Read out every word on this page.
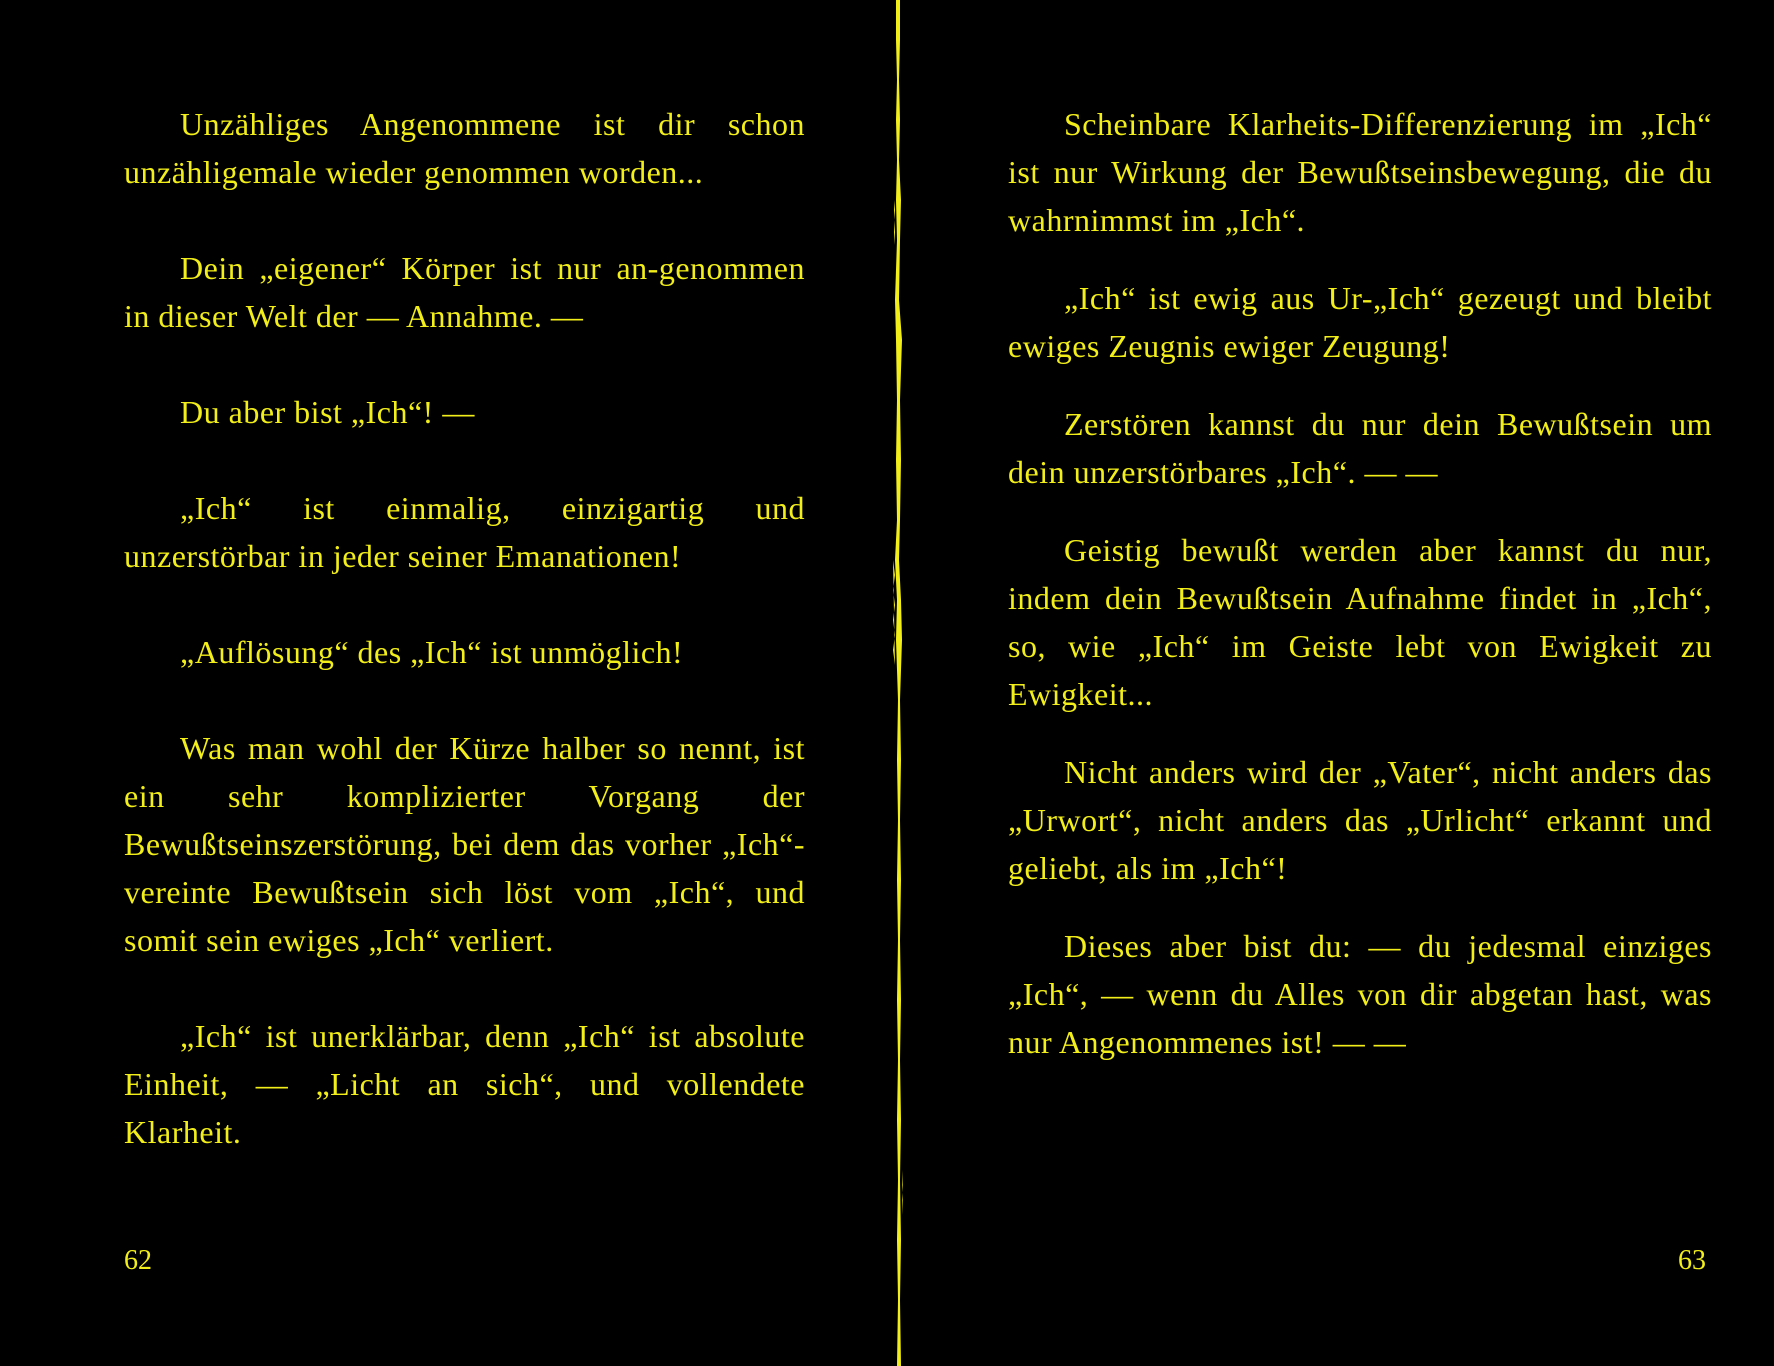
Unzähliges Angenommene ist dir schon unzähligemale wieder genommen worden...

Dein „eigener“ Körper ist nur an-genommen in dieser Welt der — Annahme. —

Du aber bist „Ich“! —

„Ich“ ist einmalig, einzigartig und unzerstörbar in jeder seiner Emanationen!

„Auflösung“ des „Ich“ ist unmöglich!

Was man wohl der Kürze halber so nennt, ist ein sehr komplizierter Vorgang der Bewußtseinszerstörung, bei dem das vorher „Ich“-vereinte Bewußtsein sich löst vom „Ich“, und somit sein ewiges „Ich“ verliert.

„Ich“ ist unerklärbar, denn „Ich“ ist absolute Einheit, — „Licht an sich“, und vollendete Klarheit.

62

Scheinbare Klarheits-Differenzierung im „Ich“ ist nur Wirkung der Bewußtseinsbewegung, die du wahrnimmst im „Ich“.

„Ich“ ist ewig aus Ur-„Ich“ gezeugt und bleibt ewiges Zeugnis ewiger Zeugung!

Zerstören kannst du nur dein Bewußtsein um dein unzerstörbares „Ich“. — —

Geistig bewußt werden aber kannst du nur, indem dein Bewußtsein Aufnahme findet in „Ich“, so, wie „Ich“ im Geiste lebt von Ewigkeit zu Ewigkeit...

Nicht anders wird der „Vater“, nicht anders das „Urwort“, nicht anders das „Urlicht“ erkannt und geliebt, als im „Ich“!

Dieses aber bist du: — du jedesmal einziges „Ich“, — wenn du Alles von dir abgetan hast, was nur Angenommenes ist! — —

63
